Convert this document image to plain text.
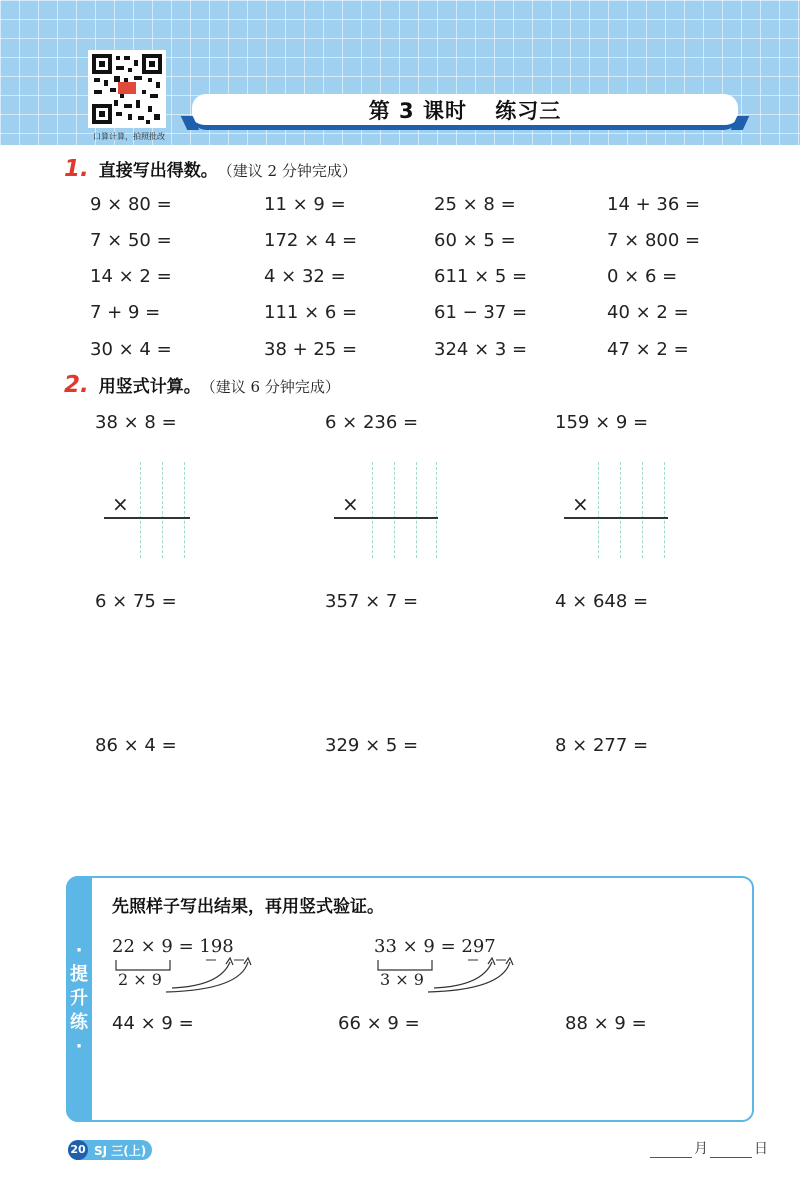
口算计算，拍照批改
第 3 课时 练习三
1. 直接写出得数。 （建议 2 分钟完成）
9 × 80 =	11 × 9 =	25 × 8 =	14 + 36 =
7 × 50 =	172 × 4 =	60 × 5 =	7 × 800 =
14 × 2 =	4 × 32 =	611 × 5 =	0 × 6 =
7 + 9 =	111 × 6 =	61 − 37 =	40 × 2 =
30 × 4 =	38 + 25 =	324 × 3 =	47 × 2 =
2. 用竖式计算。 （建议 6 分钟完成）
38 × 8 =	6 × 236 =	159 × 9 =
×	×	×
6 × 75 =	357 × 7 =	4 × 648 =
86 × 4 =	329 × 5 =	8 × 277 =
·
提
升
练
·
先照样子写出结果，再用竖式验证。
22 × 9 = 198
2 × 9
33 × 9 = 297
3 × 9
44 × 9 =	66 × 9 =	88 × 9 =
20 SJ 三(上)	月	日
